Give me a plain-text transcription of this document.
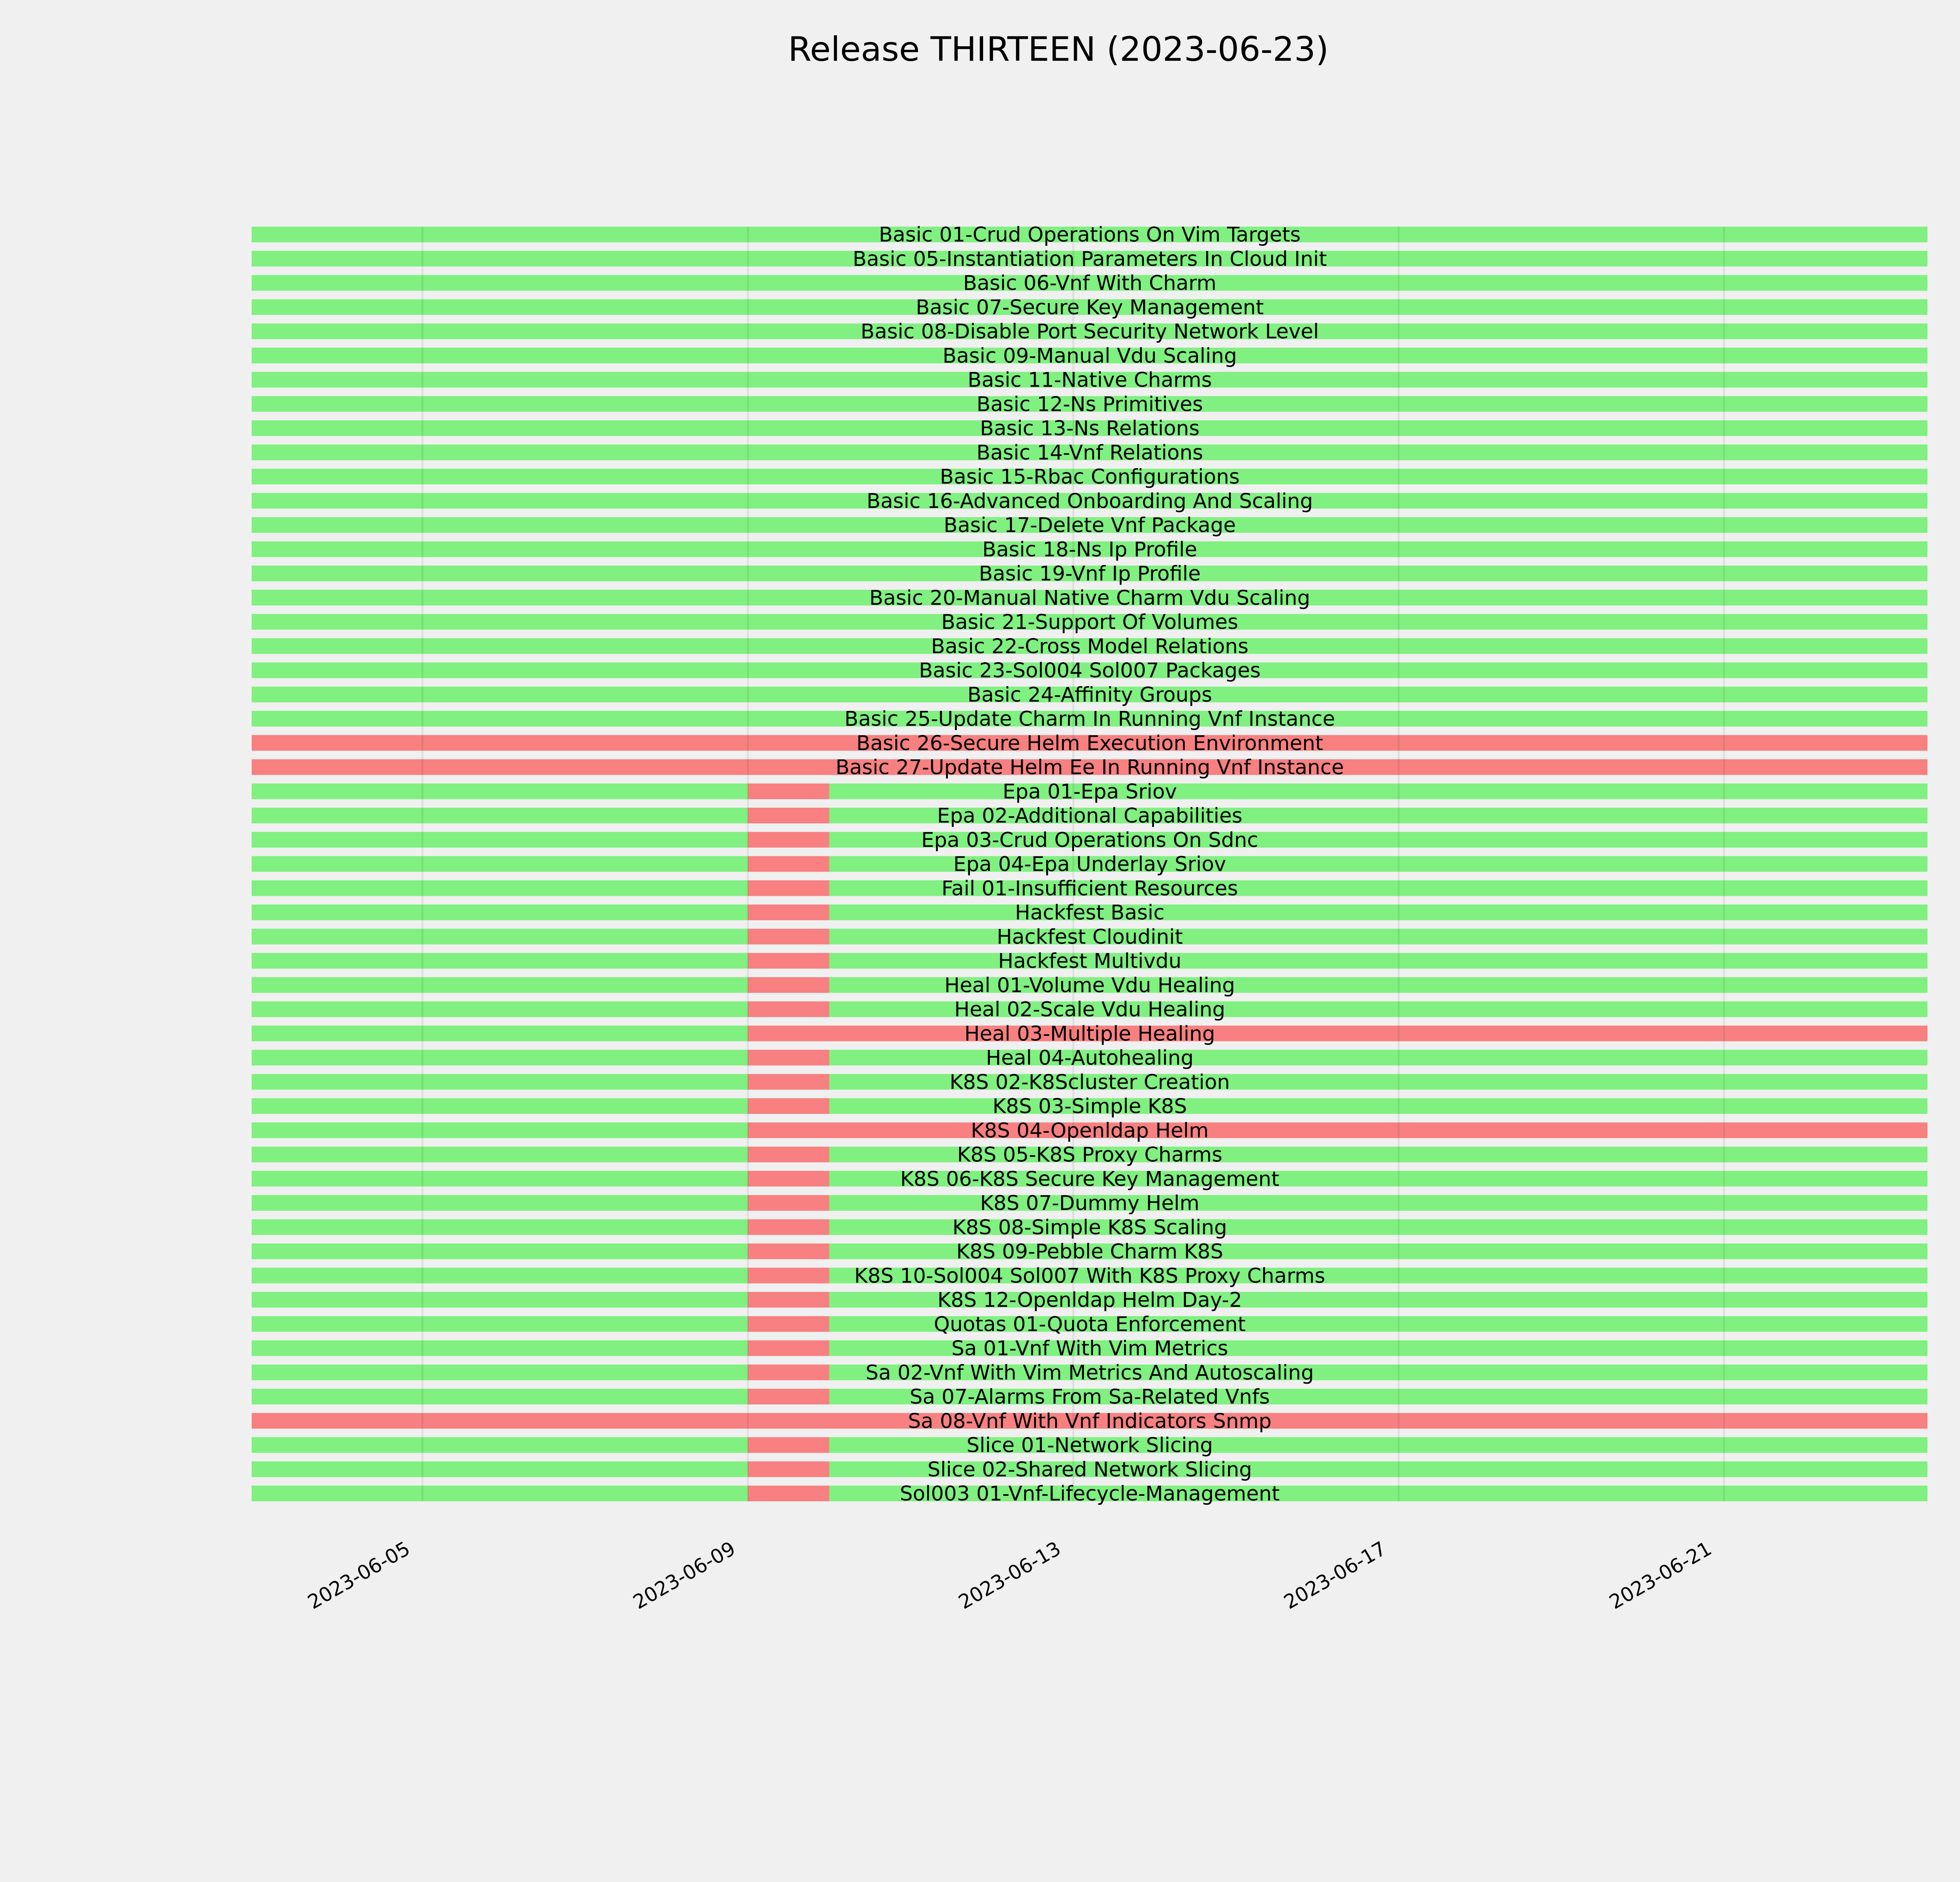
Release THIRTEEN (2023-06-23)
Basic 01-Crud Operations On Vim Targets
Basic 05-Instantiation Parameters In Cloud Init
Basic 06-Vnf With Charm
Basic 07-Secure Key Management
Basic 08-Disable Port Security Network Level
Basic 09-Manual Vdu Scaling
Basic 11-Native Charms
Basic 12-Ns Primitives
Basic 13-Ns Relations
Basic 14-Vnf Relations
Basic 15-Rbac Configurations
Basic 16-Advanced Onboarding And Scaling
Basic 17-Delete Vnf Package
Basic 18-Ns Ip Profile
Basic 19-Vnf Ip Profile
Basic 20-Manual Native Charm Vdu Scaling
Basic 21-Support Of Volumes
Basic 22-Cross Model Relations
Basic 23-Sol004 Sol007 Packages
Basic 24-Affinity Groups
Basic 25-Update Charm In Running Vnf Instance
Basic 26-Secure Helm Execution Environment
Basic 27-Update Helm Ee In Running Vnf Instance
Epa 01-Epa Sriov
Epa 02-Additional Capabilities
Epa 03-Crud Operations On Sdnc
Epa 04-Epa Underlay Sriov
Fail 01-Insufficient Resources
Hackfest Basic
Hackfest Cloudinit
Hackfest Multivdu
Heal 01-Volume Vdu Healing
Heal 02-Scale Vdu Healing
Heal 03-Multiple Healing
Heal 04-Autohealing
K8S 02-K8Scluster Creation
K8S 03-Simple K8S
K8S 04-Openldap Helm
K8S 05-K8S Proxy Charms
K8S 06-K8S Secure Key Management
K8S 07-Dummy Helm
K8S 08-Simple K8S Scaling
K8S 09-Pebble Charm K8S
K8S 10-Sol004 Sol007 With K8S Proxy Charms
K8S 12-Openldap Helm Day-2
Quotas 01-Quota Enforcement
Sa 01-Vnf With Vim Metrics
Sa 02-Vnf With Vim Metrics And Autoscaling
Sa 07-Alarms From Sa-Related Vnfs
Sa 08-Vnf With Vnf Indicators Snmp
Slice 01-Network Slicing
Slice 02-Shared Network Slicing
Sol003 01-Vnf-Lifecycle-Management
2023-06-05	2023-06-09	2023-06-13	2023-06-17	2023-06-21
